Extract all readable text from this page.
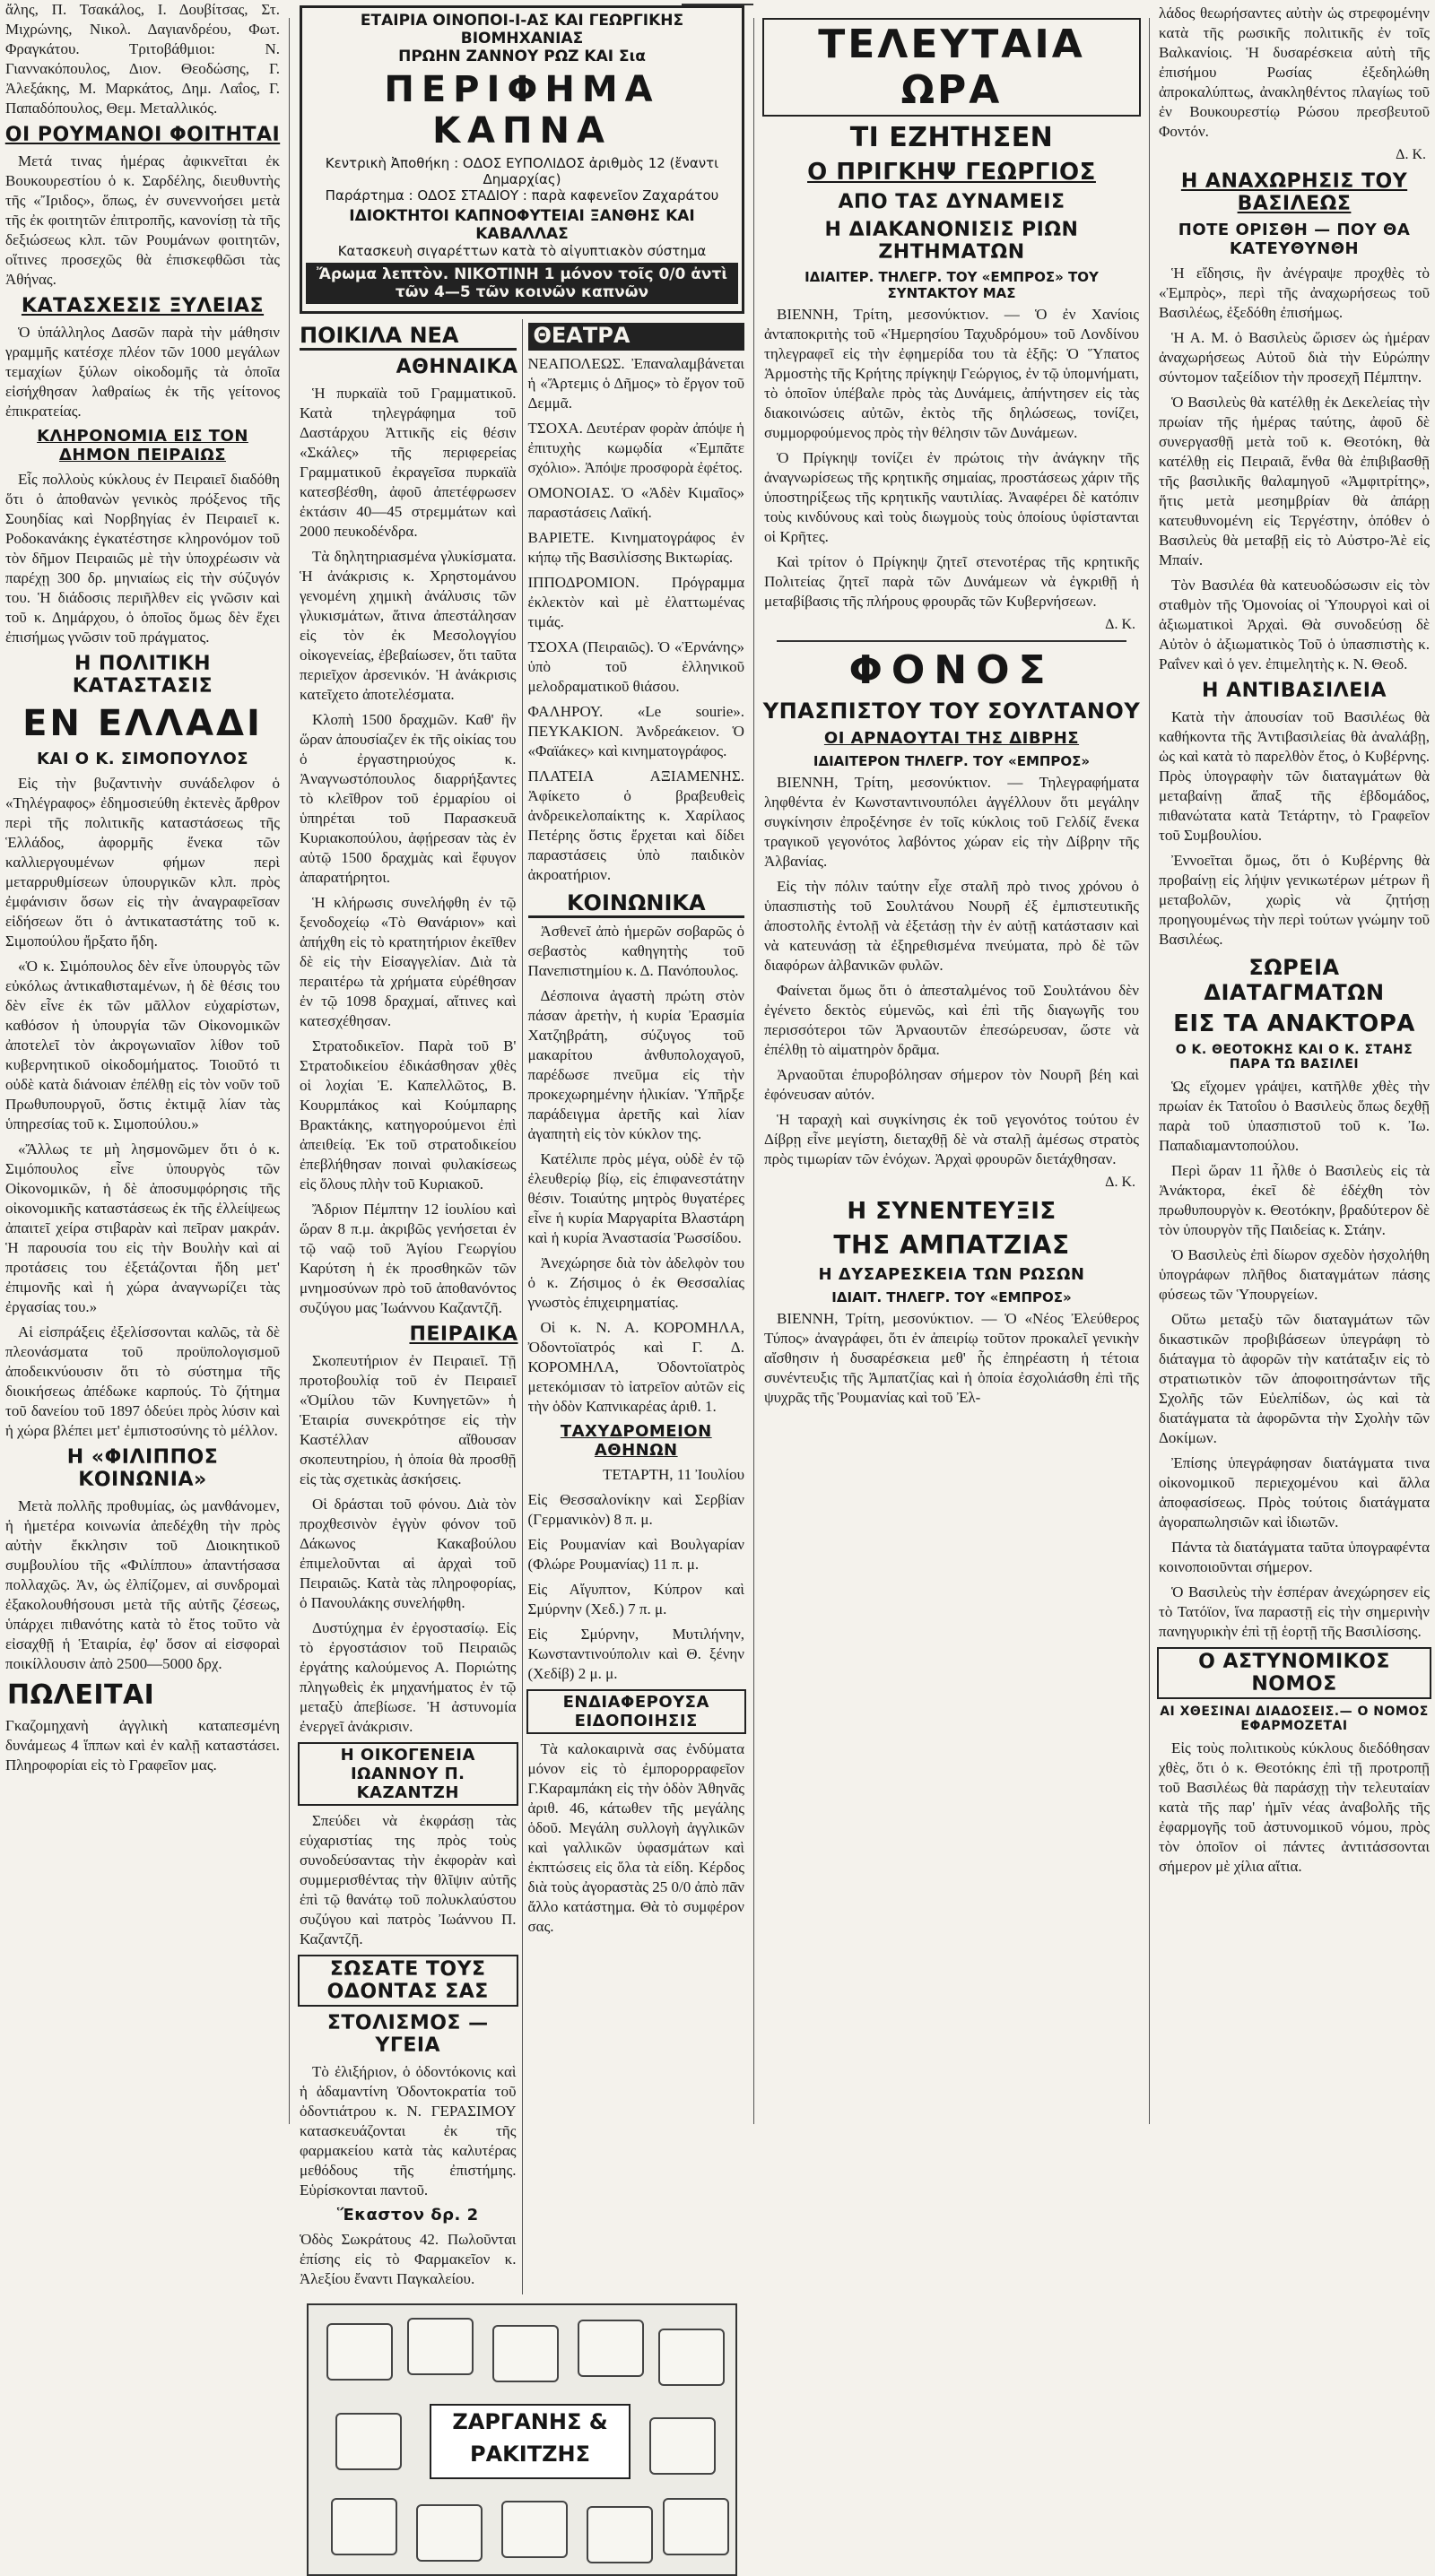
ἄλης, Π. Τσακάλος, Ι. Δουβίτσας, Στ. Μιχρώνης, Νικολ. Δαγιανδρέου, Φωτ. Φραγκάτου. Τριτοβάθμιοι: Ν. Γιαννακόπουλος, Διον. Θεοδώσης, Γ. Ἀλεξάκης, Μ. Μαρκάτος, Δημ. Λαΐος, Γ. Παπαδόπουλος, Θεμ. Μεταλλικός.

ΟΙ ΡΟΥΜΑΝΟΙ ΦΟΙΤΗΤΑΙ

Μετά τινας ἡμέρας ἀφικνεῖται ἐκ Βουκουρεστίου ὁ κ. Σαρδέλης, διευθυντὴς τῆς «Ἴριδος», ὅπως, ἐν συνεννοήσει μετὰ τῆς ἐκ φοιτητῶν ἐπιτροπῆς, κανονίσῃ τὰ τῆς δεξιώσεως κλπ. τῶν Ρουμάνων φοιτητῶν, οἵτινες προσεχῶς θὰ ἐπισκεφθῶσι τὰς Ἀθήνας.

ΚΑΤΑΣΧΕΣΙΣ ΞΥΛΕΙΑΣ

Ὁ ὑπάλληλος Δασῶν παρὰ τὴν μάθησιν γραμμῆς κατέσχε πλέον τῶν 1000 μεγάλων τεμαχίων ξύλων οἰκοδομῆς τὰ ὁποῖα εἰσήχθησαν λαθραίως ἐκ τῆς γείτονος ἐπικρατείας.

ΚΛΗΡΟΝΟΜΙΑ ΕΙΣ ΤΟΝ ΔΗΜΟΝ ΠΕΙΡΑΙΩΣ

Εἷς πολλοὺς κύκλους ἐν Πειραιεῖ διαδόθη ὅτι ὁ ἀποθανὼν γενικὸς πρόξενος τῆς Σουηδίας καὶ Νορβηγίας ἐν Πειραιεῖ κ. Ροδοκανάκης ἐγκατέστησε κληρονόμον τοῦ τὸν δῆμον Πειραιῶς μὲ τὴν ὑποχρέωσιν νὰ παρέχῃ 300 δρ. μηνιαίως εἰς τὴν σύζυγόν του. Ἡ διάδοσις περιῆλθεν εἰς γνῶσιν καὶ τοῦ κ. Δημάρχου, ὁ ὁποῖος ὅμως δὲν ἔχει ἐπισήμως γνῶσιν τοῦ πράγματος.

Η ΠΟΛΙΤΙΚΗ ΚΑΤΑΣΤΑΣΙΣ
ΕΝ ΕΛΛΑΔΙ
ΚΑΙ Ο Κ. ΣΙΜΟΠΟΥΛΟΣ

Εἰς τὴν βυζαντινὴν συνάδελφον ὁ «Τηλέγραφος» ἐδημοσιεύθη ἐκτενὲς ἄρθρον περὶ τῆς πολιτικῆς καταστάσεως τῆς Ἑλλάδος, ἀφορμῆς ἕνεκα τῶν καλλιεργουμένων φήμων περὶ μεταρρυθμίσεων ὑπουργικῶν κλπ. πρὸς ἐμφάνισιν ὅσων εἰς τὴν ἀναγραφεῖσαν εἰδήσεων ὅτι ὁ ἀντικαταστάτης τοῦ κ. Σιμοπούλου ἤρξατο ἤδη.

«Ὁ κ. Σιμόπουλος δὲν εἶνε ὑπουργὸς τῶν εὐκόλως ἀντικαθισταμένων, ἡ δὲ θέσις του δὲν εἶνε ἐκ τῶν μᾶλλον εὐχαρίστων, καθόσον ἡ ὑπουργία τῶν Οἰκονομικῶν ἀποτελεῖ τὸν ἀκρογωνιαῖον λίθον τοῦ κυβερνητικοῦ οἰκοδομήματος. Τοιοῦτό τι οὐδὲ κατὰ διάνοιαν ἐπέλθῃ εἰς τὸν νοῦν τοῦ Πρωθυπουργοῦ, ὅστις ἐκτιμᾷ λίαν τὰς ὑπηρεσίας τοῦ κ. Σιμοπούλου.»

«Ἄλλως τε μὴ λησμονῶμεν ὅτι ὁ κ. Σιμόπουλος εἶνε ὑπουργὸς τῶν Οἰκονομικῶν, ἡ δὲ ἀποσυμφόρησις τῆς οἰκονομικῆς καταστάσεως ἐκ τῆς ἐλλείψεως ἀπαιτεῖ χείρα στιβαρὰν καὶ πεῖραν μακράν. Ἡ παρουσία του εἰς τὴν Βουλὴν καὶ αἱ προτάσεις του ἐξετάζονται ἤδη μετ' ἐπιμονῆς καὶ ἡ χώρα ἀναγνωρίζει τὰς ἐργασίας του.»

Αἱ εἰσπράξεις ἐξελίσσονται καλῶς, τὰ δὲ πλεονάσματα τοῦ προϋπολογισμοῦ ἀποδεικνύουσιν ὅτι τὸ σύστημα τῆς διοικήσεως ἀπέδωκε καρπούς. Τὸ ζήτημα τοῦ δανείου τοῦ 1897 ὁδεύει πρὸς λύσιν καὶ ἡ χώρα βλέπει μετ' ἐμπιστοσύνης τὸ μέλλον.

Η «ΦΙΛΙΠΠΟΣ ΚΟΙΝΩΝΙΑ»

Μετὰ πολλῆς προθυμίας, ὡς μανθάνομεν, ἡ ἡμετέρα κοινωνία ἀπεδέχθη τὴν πρὸς αὐτὴν ἔκκλησιν τοῦ Διοικητικοῦ συμβουλίου τῆς «Φιλίππου» ἀπαντήσασα πολλαχῶς. Ἀν, ὡς ἐλπίζομεν, αἱ συνδρομαὶ ἐξακολουθήσουσι μετὰ τῆς αὐτῆς ζέσεως, ὑπάρχει πιθανότης κατὰ τὸ ἔτος τοῦτο νὰ εἰσαχθῇ ἡ Ἑταιρία, ἐφ' ὅσον αἱ εἰσφοραὶ ποικίλλουσιν ἀπὸ 2500—5000 δρχ.

ΠΩΛΕΙΤΑΙ

Γκαζομηχανὴ ἀγγλικὴ καταπεσμένη δυνάμεως 4 ἵππων καὶ ἐν καλῇ καταστάσει. Πληροφορίαι εἰς τὸ Γραφεῖον μας.

ΕΤΑΙΡΙΑ ΟΙΝΟΠΟΙ-Ι-ΑΣ ΚΑΙ ΓΕΩΡΓΙΚΗΣ ΒΙΟΜΗΧΑΝΙΑΣ
ΠΡΩΗΝ ΖΑΝΝΟΥ ΡΩΖ ΚΑΙ Σια
ΠΕΡΙΦΗΜΑ ΚΑΠΝΑ
Κεντρικὴ Ἀποθήκη : ΟΔΟΣ ΕΥΠΟΛΙΔΟΣ ἀριθμὸς 12 (ἔναντι Δημαρχίας)
Παράρτημα : ΟΔΟΣ ΣΤΑΔΙΟΥ : παρὰ καφενεῖον Ζαχαράτου
ΙΔΙΟΚΤΗΤΟΙ ΚΑΠΝΟΦΥΤΕΙΑΙ ΞΑΝΘΗΣ ΚΑΙ ΚΑΒΑΛΛΑΣ
Κατασκευὴ σιγαρέττων κατὰ τὸ αἰγυπτιακὸν σύστημα
Ἄρωμα λεπτὸν. ΝΙΚΟΤΙΝΗ 1 μόνον τοῖς 0/0 ἀντὶ τῶν 4—5 τῶν κοινῶν καπνῶν
ΠΟΙΚΙΛΑ ΝΕΑ
ΑΘΗΝΑΙΚΑ

Ἡ πυρκαϊὰ τοῦ Γραμματικοῦ. Κατὰ τηλεγράφημα τοῦ Δαστάρχου Ἀττικῆς εἰς θέσιν «Σκάλες» τῆς περιφερείας Γραμματικοῦ ἐκραγεῖσα πυρκαϊὰ κατεσβέσθη, ἀφοῦ ἀπετέφρωσεν ἐκτάσιν 40—45 στρεμμάτων καὶ 2000 πευκοδένδρα.

Τὰ δηλητηριασμένα γλυκίσματα. Ἡ ἀνάκρισις κ. Χρηστομάνου γενομένη χημικὴ ἀνάλυσις τῶν γλυκισμάτων, ἅτινα ἀπεστάλησαν εἰς τὸν ἐκ Μεσολογγίου οἰκογενείας, ἐβεβαίωσεν, ὅτι ταῦτα περιεῖχον ἀρσενικόν. Ἡ ἀνάκρισις κατεῖχετο ἀποτελέσματα.

Κλοπὴ 1500 δραχμῶν. Καθ' ἣν ὥραν ἀπουσίαζεν ἐκ τῆς οἰκίας του ὁ ἐργαστηριούχος κ. Ἀναγνωστόπουλος διαρρήξαντες τὸ κλεῖθρον τοῦ ἐρμαρίου οἱ ὑπηρέται τοῦ Παρασκευᾶ Κυριακοπούλου, ἀφῄρεσαν τὰς ἐν αὐτῷ 1500 δραχμὰς καὶ ἔφυγον ἀπαρατήρητοι.

Ἡ κλήρωσις συνελήφθη ἐν τῷ ξενοδοχείῳ «Τὸ Θανάριον» καὶ ἀπήχθη εἰς τὸ κρατητήριον ἐκεῖθεν δὲ εἰς τὴν Εἰσαγγελίαν. Διὰ τὰ περαιτέρω τὰ χρήματα εὑρέθησαν ἐν τῷ 1098 δραχμαί, αἵτινες καὶ κατεσχέθησαν.

Στρατοδικεῖον. Παρὰ τοῦ Β' Στρατοδικείου ἐδικάσθησαν χθὲς οἱ λοχίαι Ἐ. Καπελλῶτος, Β. Κουρμπάκος καὶ Κούμπαρης Βρακτάκης, κατηγορούμενοι ἐπὶ ἀπειθείᾳ. Ἐκ τοῦ στρατοδικείου ἐπεβλήθησαν ποιναὶ φυλακίσεως εἰς ὅλους πλὴν τοῦ Κυριακοῦ.

Ἄδριον Πέμπτην 12 ἰουλίου καὶ ὥραν 8 π.μ. ἀκριβῶς γενήσεται ἐν τῷ ναῷ τοῦ Ἀγίου Γεωργίου Καρύτση ἡ ἐκ προσθηκῶν τῶν μνημοσύνων πρὸ τοῦ ἀποθανόντος συζύγου μας Ἰωάννου Καζαντζῆ.

ΠΕΙΡΑΙΚΑ

Σκοπευτήριον ἐν Πειραιεῖ. Τῇ προτοβουλίᾳ τοῦ ἐν Πειραιεῖ «Ὁμίλου τῶν Κυνηγετῶν» ἡ Ἑταιρία συνεκρότησε εἰς τὴν Καστέλλαν αἴθουσαν σκοπευτηρίου, ἡ ὁποία θὰ προσθῇ εἰς τὰς σχετικὰς ἀσκήσεις.

Οἱ δράσται τοῦ φόνου. Διὰ τὸν προχθεσινὸν ἐγγὺν φόνον τοῦ Δάκωνος Κακαβούλου ἐπιμελοῦνται αἱ ἀρχαὶ τοῦ Πειραιῶς. Κατὰ τὰς πληροφορίας, ὁ Πανουλάκης συνελήφθη.

Δυστύχημα ἐν ἐργοστασίῳ. Εἰς τὸ ἐργοστάσιον τοῦ Πειραιῶς ἐργάτης καλούμενος Α. Ποριώτης πληγωθεὶς ἐκ μηχανήματος ἐν τῷ μεταξὺ ἀπεβίωσε. Ἡ ἀστυνομία ἐνεργεῖ ἀνάκρισιν.

Η ΟΙΚΟΓΕΝΕΙΑ ΙΩΑΝΝΟΥ Π. ΚΑΖΑΝΤΖΗ

Σπεύδει νὰ ἐκφράσῃ τὰς εὐχαριστίας της πρὸς τοὺς συνοδεύσαντας τὴν ἐκφορὰν καὶ συμμερισθέντας τὴν θλῖψιν αὐτῆς ἐπὶ τῷ θανάτῳ τοῦ πολυκλαύστου συζύγου καὶ πατρὸς Ἰωάννου Π. Καζαντζῆ.

ΣΩΣΑΤΕ ΤΟΥΣ ΟΔΟΝΤΑΣ ΣΑΣ
ΣΤΟΛΙΣΜΟΣ — ΥΓΕΙΑ

Τὸ ἐλιξήριον, ὁ ὀδοντόκονις καὶ ἡ ἀδαμαντίνη Ὀδοντοκρατία τοῦ ὀδοντιάτρου κ. Ν. ΓΕΡΑΣΙΜΟΥ κατασκευάζονται ἐκ τῆς φαρμακείου κατὰ τὰς καλυτέρας μεθόδους τῆς ἐπιστήμης. Εὑρίσκονται παντοῦ.

Ἕκαστον δρ. 2

Ὁδὸς Σωκράτους 42. Πωλοῦνται ἐπίσης εἰς τὸ Φαρμακεῖον κ. Ἀλεξίου ἔναντι Παγκαλείου.

ΘΕΑΤΡΑ

ΝΕΑΠΟΛΕΩΣ. Ἐπαναλαμβάνεται ἡ «Ἄρτεμις ὁ Δῆμος» τὸ ἔργον τοῦ Δεμμᾶ.

ΤΣΟΧΑ. Δευτέραν φορὰν ἀπόψε ἡ ἐπιτυχὴς κωμῳδία «Ἐμπᾶτε σχόλιο». Ἀπόψε προσφορὰ ἐφέτος.

ΟΜΟΝΟΙΑΣ. Ὁ «Ἀδὲν Κιμαῖος» παραστάσεις Λαϊκή.

ΒΑΡΙΕΤΕ. Κινηματογράφος ἐν κήπῳ τῆς Βασιλίσσης Βικτωρίας.

ΙΠΠΟΔΡΟΜΙΟΝ. Πρόγραμμα ἐκλεκτὸν καὶ μὲ ἐλαττωμένας τιμάς.

ΤΣΟΧΑ (Πειραιῶς). Ὁ «Ἐρνάνης» ὑπὸ τοῦ ἑλληνικοῦ μελοδραματικοῦ θιάσου.

ΦΑΛΗΡΟΥ. «Le sourie». ΠΕΥΚΑΚΙΟΝ. Ἀνδρεάκειον. Ὁ «Φαϊάκες» καὶ κινηματογράφος.

ΠΛΑΤΕΙΑ ΑΞΙΑΜΕΝΗΣ. Ἀφίκετο ὁ βραβευθεὶς ἀνδρεικελοπαίκτης κ. Χαρίλαος Πετέρης ὅστις ἔρχεται καὶ δίδει παραστάσεις ὑπὸ παιδικὸν ἀκροατήριον.

ΚΟΙΝΩΝΙΚΑ

Ἀσθενεῖ ἀπὸ ἡμερῶν σοβαρῶς ὁ σεβαστὸς καθηγητὴς τοῦ Πανεπιστημίου κ. Δ. Πανόπουλος.

Δέσποινα ἀγαστὴ πρώτη στὸν πάσαν ἀρετὴν, ἡ κυρία Ἐρασμία Χατζηβράτη, σύζυγος τοῦ μακαρίτου ἀνθυπολοχαγοῦ, παρέδωσε πνεῦμα εἰς τὴν προκεχωρημένην ἡλικίαν. Ὑπῆρξε παράδειγμα ἀρετῆς καὶ λίαν ἀγαπητὴ εἰς τὸν κύκλον της.

Κατέλιπε πρὸς μέγα, οὐδὲ ἐν τῷ ἐλευθερίῳ βίῳ, εἰς ἐπιφανεστάτην θέσιν. Τοιαύτης μητρὸς θυγατέρες εἶνε ἡ κυρία Μαργαρίτα Βλαστάρη καὶ ἡ κυρία Ἀναστασία Ῥωσσίδου.

Ἀνεχώρησε διὰ τὸν ἀδελφὸν του ὁ κ. Ζήσιμος ὁ ἐκ Θεσσαλίας γνωστὸς ἐπιχειρηματίας.

Οἱ κ. Ν. Α. ΚΟΡΟΜΗΛΑ, Ὀδοντοϊατρός καὶ Γ. Δ. ΚΟΡΟΜΗΛΑ, Ὀδοντοϊατρὸς μετεκόμισαν τὸ ἰατρεῖον αὐτῶν εἰς τὴν ὁδὸν Καπνικαρέας ἀριθ. 1.

ΤΑΧΥΔΡΟΜΕΙΟΝ ΑΘΗΝΩΝ

ΤΕΤΑΡΤΗ, 11 Ἰουλίου

Εἰς Θεσσαλονίκην καὶ Σερβίαν (Γερμανικὸν) 8 π. μ.

Εἰς Ρουμανίαν καὶ Βουλγαρίαν (Φλώρε Ρουμανίας) 11 π. μ.

Εἰς Αἴγυπτον, Κύπρον καὶ Σμύρνην (Χεδ.) 7 π. μ.

Εἰς Σμύρνην, Μυτιλήνην, Κωνσταντινούπολιν καὶ Θ. ξένην (Χεδίβ) 2 μ. μ.

ΕΝΔΙΑΦΕΡΟΥΣΑ ΕΙΔΟΠΟΙΗΣΙΣ

Τὰ καλοκαιρινὰ σας ἐνδύματα μόνον εἰς τὸ ἐμπορορραφεῖον Γ.Καραμπάκη εἰς τὴν ὁδὸν Ἀθηνᾶς ἀριθ. 46, κάτωθεν τῆς μεγάλης ὁδοῦ. Μεγάλη συλλογὴ ἀγγλικῶν καὶ γαλλικῶν ὑφασμάτων καὶ ἐκπτώσεις εἰς ὅλα τὰ είδη. Κέρδος διὰ τοὺς ἀγοραστὰς 25 0/0 ἀπὸ πᾶν ἄλλο κατάστημα. Θὰ τὸ συμφέρον σας.

ΖΑΡΓΑΝΗΣ & ΡΑΚΙΤΖΗΣ
ΤΕΛΕΥΤΑΙΑ ΩΡΑ
ΤΙ ΕΖΗΤΗΣΕΝ
Ο ΠΡΙΓΚΗΨ ΓΕΩΡΓΙΟΣ
ΑΠΟ ΤΑΣ ΔΥΝΑΜΕΙΣ
Η ΔΙΑΚΑΝΟΝΙΣΙΣ ΡΙΩΝ ΖΗΤΗΜΑΤΩΝ
ΙΔΙΑΙΤΕΡ. ΤΗΛΕΓΡ. ΤΟΥ «ΕΜΠΡΟΣ» ΤΟΥ ΣΥΝΤΑΚΤΟΥ ΜΑΣ

ΒΙΕΝΝΗ, Τρίτη, μεσονύκτιον. — Ὁ ἐν Χανίοις ἀνταποκριτὴς τοῦ «Ἡμερησίου Ταχυδρόμου» τοῦ Λονδίνου τηλεγραφεῖ εἰς τὴν ἐφημερίδα του τὰ ἑξῆς: Ὁ Ὕπατος Ἁρμοστὴς τῆς Κρήτης πρίγκηψ Γεώργιος, ἐν τῷ ὑπομνήματι, τὸ ὁποῖον ὑπέβαλε πρὸς τὰς Δυνάμεις, ἀπήντησεν εἰς τὰς διακοινώσεις αὐτῶν, ἐκτὸς τῆς δηλώσεως, τονίζει, συμμορφούμενος πρὸς τὴν θέλησιν τῶν Δυνάμεων.

Ὁ Πρίγκηψ τονίζει ἐν πρώτοις τὴν ἀνάγκην τῆς ἀναγνωρίσεως τῆς κρητικῆς σημαίας, προστάσεως χάριν τῆς ὑποστηρίξεως τῆς κρητικῆς ναυτιλίας. Ἀναφέρει δὲ κατόπιν τοὺς κινδύνους καὶ τοὺς διωγμοὺς τοὺς ὁποίους ὑφίστανται οἱ Κρῆτες.

Καὶ τρίτον ὁ Πρίγκηψ ζητεῖ στενοτέρας τῆς κρητικῆς Πολιτείας ζητεῖ παρὰ τῶν Δυνάμεων νὰ ἐγκριθῇ ἡ μεταβίβασις τῆς πλήρους φρουρᾶς τῶν Κυβερνήσεων.

Δ. Κ.
ΦΟΝΟΣ
ΥΠΑΣΠΙΣΤΟΥ ΤΟΥ ΣΟΥΛΤΑΝΟΥ
ΟΙ ΑΡΝΑΟΥΤΑΙ ΤΗΣ ΔΙΒΡΗΣ
ΙΔΙΑΙΤΕΡΟΝ ΤΗΛΕΓΡ. ΤΟΥ «ΕΜΠΡΟΣ»

ΒΙΕΝΝΗ, Τρίτη, μεσονύκτιον. — Τηλεγραφήματα ληφθέντα ἐν Κωνσταντινουπόλει ἀγγέλλουν ὅτι μεγάλην συγκίνησιν ἐπροξένησε ἐν τοῖς κύκλοις τοῦ Γελδίζ ἕνεκα τραγικοῦ γεγονότος λαβόντος χώραν εἰς τὴν Δίβρην τῆς Ἀλβανίας.

Εἰς τὴν πόλιν ταύτην εἶχε σταλῆ πρὸ τινος χρόνου ὁ ὑπασπιστὴς τοῦ Σουλτάνου Νουρῆ ἐξ ἐμπιστευτικῆς ἀποστολῆς ἐντολῇ νὰ ἐξετάσῃ τὴν ἐν αὐτῇ κατάστασιν καὶ νὰ κατευνάσῃ τὰ ἐξηρεθισμένα πνεύματα, πρὸ δὲ τῶν διαφόρων ἀλβανικῶν φυλῶν.

Φαίνεται ὅμως ὅτι ὁ ἀπεσταλμένος τοῦ Σουλτάνου δὲν ἐγένετο δεκτὸς εὐμενῶς, καὶ ἐπὶ τῆς διαγωγῆς του περισσότεροι τῶν Ἀρναουτῶν ἐπεσώρευσαν, ὥστε νὰ ἐπέλθῃ τὸ αἱματηρὸν δρᾶμα.

Ἀρναοῦται ἐπυροβόλησαν σήμερον τὸν Νουρῆ βέη καὶ ἐφόνευσαν αὐτόν.

Ἡ ταραχὴ καὶ συγκίνησις ἐκ τοῦ γεγονότος τούτου ἐν Δίβρῃ εἶνε μεγίστη, διεταχθῇ δὲ νὰ σταλῇ ἀμέσως στρατὸς πρὸς τιμωρίαν τῶν ἐνόχων. Ἀρχαὶ φρουρῶν διετάχθησαν.

Δ. Κ.
Η ΣΥΝΕΝΤΕΥΞΙΣ
ΤΗΣ ΑΜΠΑΤΖΙΑΣ
Η ΔΥΣΑΡΕΣΚΕΙΑ ΤΩΝ ΡΩΣΩΝ
ΙΔΙΑΙΤ. ΤΗΛΕΓΡ. ΤΟΥ «ΕΜΠΡΟΣ»

ΒΙΕΝΝΗ, Τρίτη, μεσονύκτιον. — Ὁ «Νέος Ἐλεύθερος Τύπος» ἀναγράφει, ὅτι ἐν ἀπειρίῳ τοῦτον προκαλεῖ γενικὴν αἴσθησιν ἡ δυσαρέσκεια μεθ' ἧς ἐπηρέαστη ἡ τέτοια συνέντευξις τῆς Ἀμπατζίας καὶ ἡ ὁποία ἐσχολιάσθη ἐπὶ τῆς ψυχρᾶς τῆς Ῥουμανίας καὶ τοῦ Ἐλ-

λάδος θεωρήσαντες αὐτὴν ὡς στρεφομένην κατὰ τῆς ρωσικῆς πολιτικῆς ἐν τοῖς Βαλκανίοις. Ἡ δυσαρέσκεια αὐτὴ τῆς ἐπισήμου Ρωσίας ἐξεδηλώθη ἀπροκαλύπτως, ἀνακληθέντος πλαγίως τοῦ ἐν Βουκουρεστίῳ Ρώσου πρεσβευτοῦ Φοντόν.

Δ. Κ.
Η ΑΝΑΧΩΡΗΣΙΣ ΤΟΥ ΒΑΣΙΛΕΩΣ
ΠΟΤΕ ΟΡΙΣΘΗ — ΠΟΥ ΘΑ ΚΑΤΕΥΘΥΝΘΗ

Ἡ εἴδησις, ἣν ἀνέγραψε προχθὲς τὸ «Ἐμπρὸς», περὶ τῆς ἀναχωρήσεως τοῦ Βασιλέως, ἐξεδόθη ἐπισήμως.

Ἡ Α. Μ. ὁ Βασιλεὺς ὥρισεν ὡς ἡμέραν ἀναχωρήσεως Αὐτοῦ διὰ τὴν Εὐρώπην σύντομον ταξείδιον τὴν προσεχῆ Πέμπτην.

Ὁ Βασιλεὺς θὰ κατέλθῃ ἐκ Δεκελείας τὴν πρωίαν τῆς ἡμέρας ταύτης, ἀφοῦ δὲ συνεργασθῇ μετὰ τοῦ κ. Θεοτόκη, θὰ κατέλθῃ εἰς Πειραιᾶ, ἔνθα θὰ ἐπιβιβασθῇ τῆς βασιλικῆς θαλαμηγοῦ «Ἀμφιτρίτης», ἥτις μετὰ μεσημβρίαν θὰ ἀπάρῃ κατευθυνομένη εἰς Τεργέστην, ὁπόθεν ὁ Βασιλεὺς θὰ μεταβῇ εἰς τὸ Αὐστρο-Ἀὲ εἰς Μπαίν.

Τὸν Βασιλέα θὰ κατευοδώσωσιν εἰς τὸν σταθμὸν τῆς Ὁμονοίας οἱ Ὑπουργοὶ καὶ οἱ ἀξιωματικοὶ Ἀρχαὶ. Θὰ συνοδεύσῃ δὲ Αὐτὸν ὁ ἀξιωματικὸς Τοῦ ὁ ὑπασπιστὴς κ. Ραΐνεν καὶ ὁ γεν. ἐπιμελητὴς κ. Ν. Θεοδ.

Η ΑΝΤΙΒΑΣΙΛΕΙΑ

Κατὰ τὴν ἀπουσίαν τοῦ Βασιλέως θὰ καθήκοντα τῆς Ἀντιβασιλείας θὰ ἀναλάβῃ, ὡς καὶ κατὰ τὸ παρελθὸν ἔτος, ὁ Κυβέρνης. Πρὸς ὑπογραφὴν τῶν διαταγμάτων θὰ μεταβαίνῃ ἅπαξ τῆς ἑβδομάδος, πιθανώτατα κατὰ Τετάρτην, τὸ Γραφεῖον τοῦ Συμβουλίου.

Ἐννοεῖται ὅμως, ὅτι ὁ Κυβέρνης θὰ προβαίνῃ εἰς λήψιν γενικωτέρων μέτρων ἢ μεταβολῶν, χωρὶς νὰ ζητήσῃ προηγουμένως τὴν περὶ τούτων γνώμην τοῦ Βασιλέως.

ΣΩΡΕΙΑ ΔΙΑΤΑΓΜΑΤΩΝ
ΕΙΣ ΤΑ ΑΝΑΚΤΟΡΑ
Ο Κ. ΘΕΟΤΟΚΗΣ ΚΑΙ Ο Κ. ΣΤΑΗΣ ΠΑΡΑ ΤΩ ΒΑΣΙΛΕΙ

Ὡς εἴχομεν γράψει, κατῆλθε χθὲς τὴν πρωίαν ἐκ Τατοΐου ὁ Βασιλεὺς ὅπως δεχθῇ παρὰ τοῦ ὑπασπιστοῦ τοῦ κ. Ἰω. Παπαδιαμαντοπούλου.

Περὶ ὥραν 11 ἦλθε ὁ Βασιλεὺς εἰς τὰ Ἀνάκτορα, ἐκεῖ δὲ ἐδέχθη τὸν πρωθυπουργὸν κ. Θεοτόκην, βραδύτερον δὲ τὸν ὑπουργὸν τῆς Παιδείας κ. Στάην.

Ὁ Βασιλεὺς ἐπὶ δίωρον σχεδὸν ἠσχολήθη ὑπογράφων πλῆθος διαταγμάτων πάσης φύσεως τῶν Ὑπουργείων.

Οὕτω μεταξὺ τῶν διαταγμάτων τῶν δικαστικῶν προβιβάσεων ὑπεγράφη τὸ διάταγμα τὸ ἀφορῶν τὴν κατάταξιν εἰς τὸ στρατιωτικὸν τῶν ἀποφοιτησάντων τῆς Σχολῆς τῶν Εὐελπίδων, ὡς καὶ τὰ διατάγματα τὰ ἀφορῶντα τὴν Σχολὴν τῶν Δοκίμων.

Ἐπίσης ὑπεγράφησαν διατάγματα τινα οἰκονομικοῦ περιεχομένου καὶ ἄλλα ἀποφασίσεως. Πρὸς τούτοις διατάγματα ἀγοραπωλησιῶν καὶ ἰδιωτῶν.

Πάντα τὰ διατάγματα ταῦτα ὑπογραφέντα κοινοποιοῦνται σήμερον.

Ὁ Βασιλεὺς τὴν ἑσπέραν ἀνεχώρησεν εἰς τὸ Τατόϊον, ἵνα παραστῇ εἰς τὴν σημερινὴν πανηγυρικὴν ἐπὶ τῇ ἑορτῇ τῆς Βασιλίσσης.

Ο ΑΣΤΥΝΟΜΙΚΟΣ ΝΟΜΟΣ
ΑΙ ΧΘΕΣΙΝΑΙ ΔΙΑΔΟΣΕΙΣ.— Ο ΝΟΜΟΣ ΕΦΑΡΜΟΖΕΤΑΙ

Εἰς τοὺς πολιτικοὺς κύκλους διεδόθησαν χθὲς, ὅτι ὁ κ. Θεοτόκης ἐπὶ τῇ προτροπῇ τοῦ Βασιλέως θὰ παράσχῃ τὴν τελευταίαν κατὰ τῆς παρ' ἡμῖν νέας ἀναβολῆς τῆς ἐφαρμογῆς τοῦ ἀστυνομικοῦ νόμου, πρὸς τὸν ὁποῖον οἱ πάντες ἀντιτάσσονται σήμερον μὲ χίλια αἴτια.
